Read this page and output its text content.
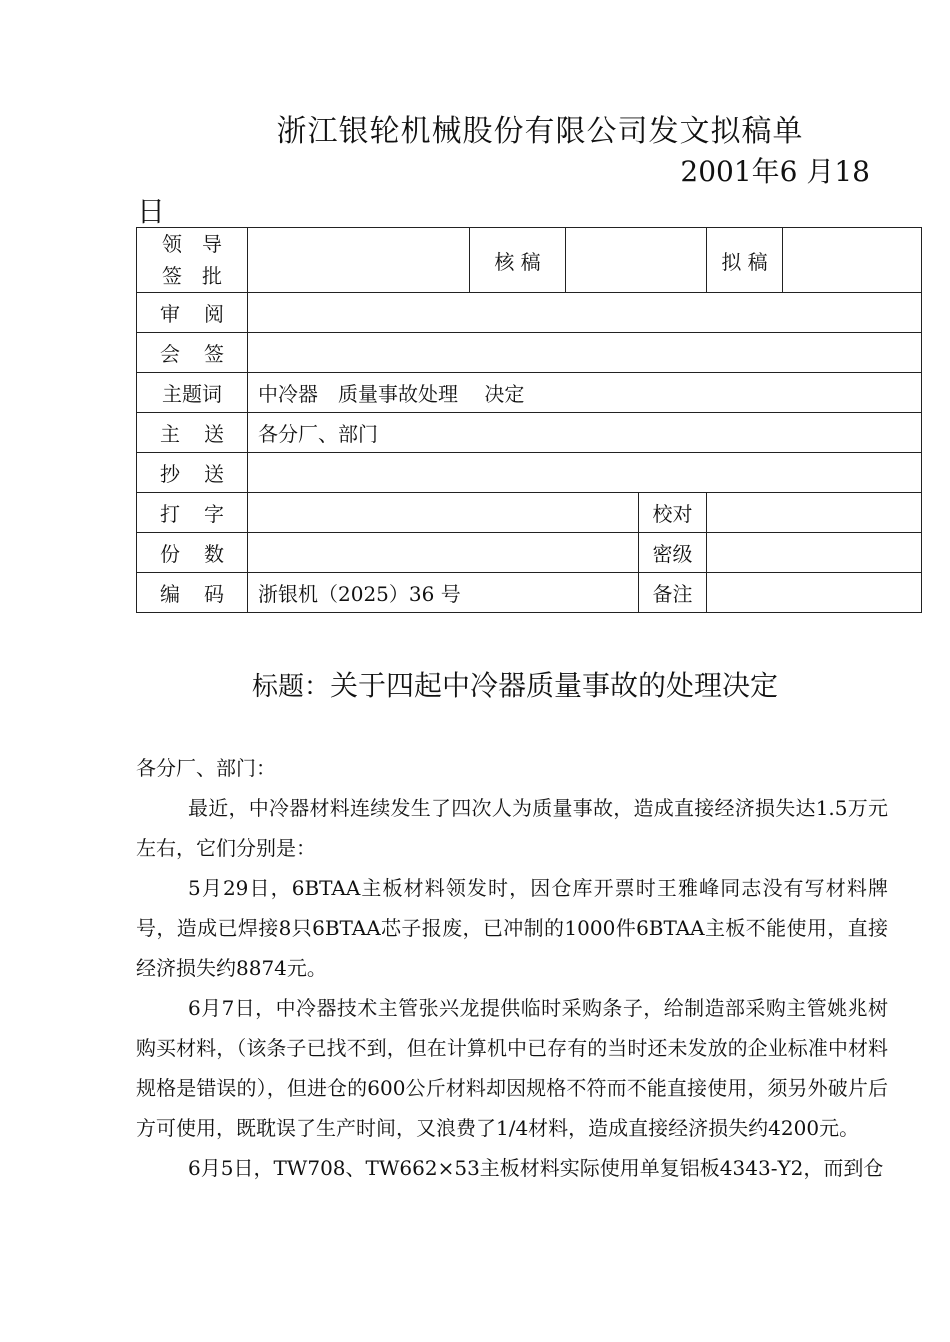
浙江银轮机械股份有限公司发文拟稿单
2001年6 月18
日
领　导
签　批		核 稿			拟 稿	

审 阅						

会 签						

主题词	中冷器　质量事故处理　 决定					

主 送	各分厂、部门					

抄 送						

打 字				校对		

份 数				密级		

编 码	浙银机（2025）36 号			备注		
标题：关于四起中冷器质量事故的处理决定

各分厂、部门：

最近，中冷器材料连续发生了四次人为质量事故，造成直接经济损失达1.5万元左右，它们分别是：

5月29日，6BTAA主板材料领发时，因仓库开票时王雅峰同志没有写材料牌号，造成已焊接8只6BTAA芯子报废，已冲制的1000件6BTAA主板不能使用，直接经济损失约8874元。

6月7日，中冷器技术主管张兴龙提供临时采购条子，给制造部采购主管姚兆树购买材料，（该条子已找不到，但在计算机中已存有的当时还未发放的企业标准中材料规格是错误的），但进仓的600公斤材料却因规格不符而不能直接使用，须另外破片后方可使用，既耽误了生产时间，又浪费了1/4材料，造成直接经济损失约4200元。

6月5日，TW708、TW662×53主板材料实际使用单复铝板4343-Y2，而到仓
